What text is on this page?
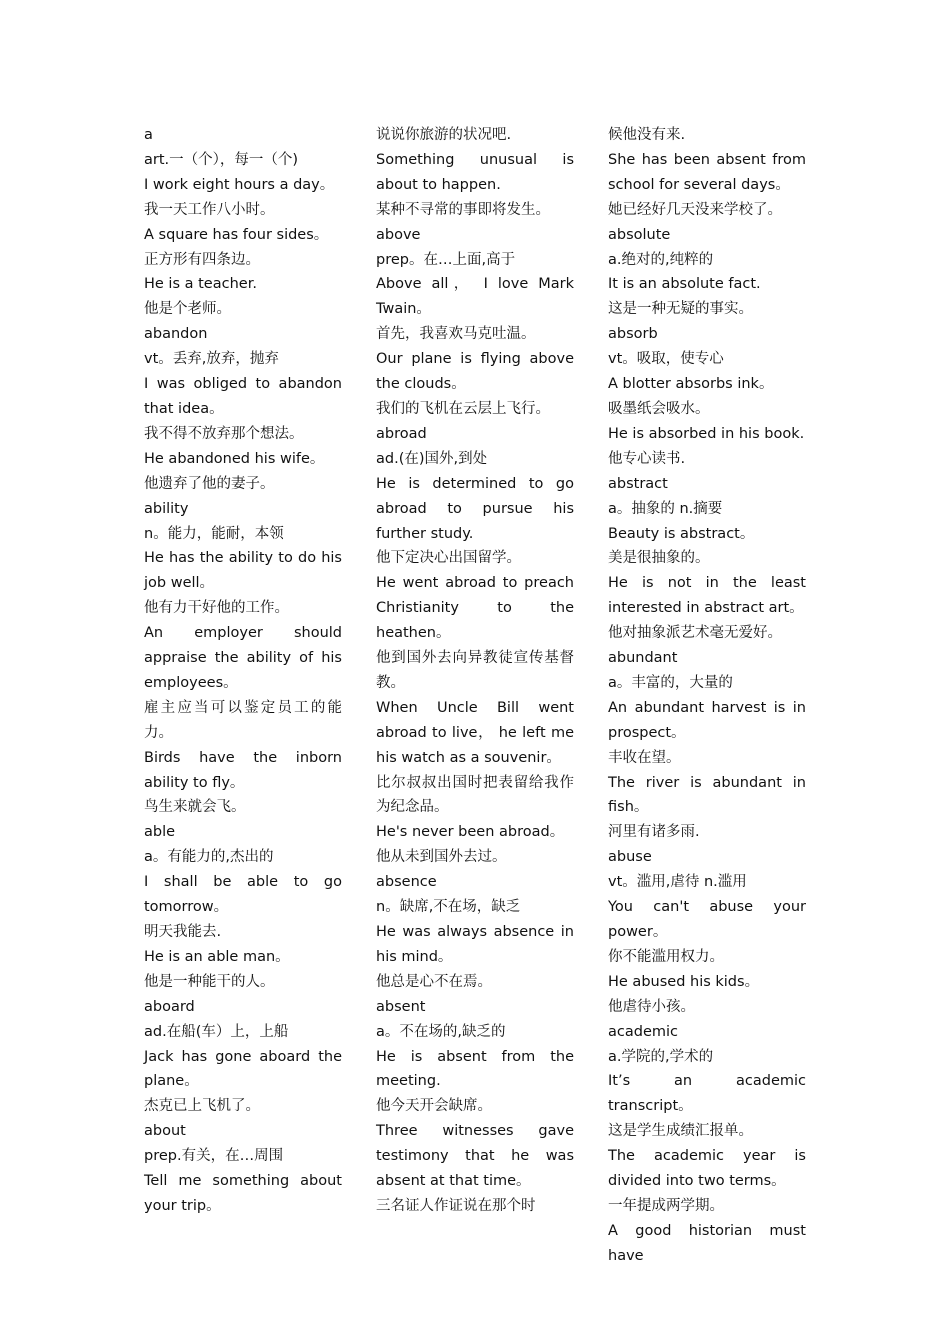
a
art.一（个），每一（个)
I work eight hours a day。
我一天工作八小时。
A square has four sides。
正方形有四条边。
He is a teacher.
他是个老师。
abandon
vt。丢弃,放弃，抛弃
I was obliged to abandon that idea。
我不得不放弃那个想法。
He abandoned his wife。
他遗弃了他的妻子。
ability
n。能力，能耐，本领
He has the ability to do his job well。
他有力干好他的工作。
An employer should appraise the ability of his employees。
雇主应当可以鉴定员工的能力。
Birds have the inborn ability to fly。
鸟生来就会飞。
able
a。有能力的,杰出的
I shall be able to go tomorrow。
明天我能去.
He is an able man。
他是一种能干的人。
aboard
ad.在船(车）上，上船
Jack has gone aboard the plane。
杰克已上飞机了。
about
prep.有关，在…周围
Tell me something about your trip。
说说你旅游的状况吧.
Something unusual is about to happen.
某种不寻常的事即将发生。
above
prep。在…上面,高于
Above all， I love Mark Twain。
首先，我喜欢马克吐温。
Our plane is flying above the clouds。
我们的飞机在云层上飞行。
abroad
ad.(在)国外,到处
He is determined to go abroad to pursue his further study.
他下定决心出国留学。
He went abroad to preach Christianity to the heathen。
他到国外去向异教徒宣传基督教。
When Uncle Bill went abroad to live， he left me his watch as a souvenir。
比尔叔叔出国时把表留给我作为纪念品。
He's never been abroad。
他从未到国外去过。
absence
n。缺席,不在场，缺乏
He was always absence in his mind。
他总是心不在焉。
absent
a。不在场的,缺乏的
He is absent from the meeting.
他今天开会缺席。
Three witnesses gave testimony that he was absent at that time。
三名证人作证说在那个时
候他没有来.
She has been absent from school for several days。
她已经好几天没来学校了。
absolute
a.绝对的,纯粹的
It is an absolute fact.
这是一种无疑的事实。
absorb
vt。吸取，使专心
A blotter absorbs ink。
吸墨纸会吸水。
He is absorbed in his book.
他专心读书.
abstract
a。抽象的 n.摘要
Beauty is abstract。
美是很抽象的。
He is not in the least interested in abstract art。
他对抽象派艺术毫无爱好。
abundant
a。丰富的，大量的
An abundant harvest is in prospect。
丰收在望。
The river is abundant in fish。
河里有诸多雨.
abuse
vt。滥用,虐待 n.滥用
You can't abuse your power。
你不能滥用权力。
He abused his kids。
他虐待小孩。
academic
a.学院的,学术的
It’s an academic transcript。
这是学生成绩汇报单。
The academic year is divided into two terms。
一年提成两学期。
A good historian must have
